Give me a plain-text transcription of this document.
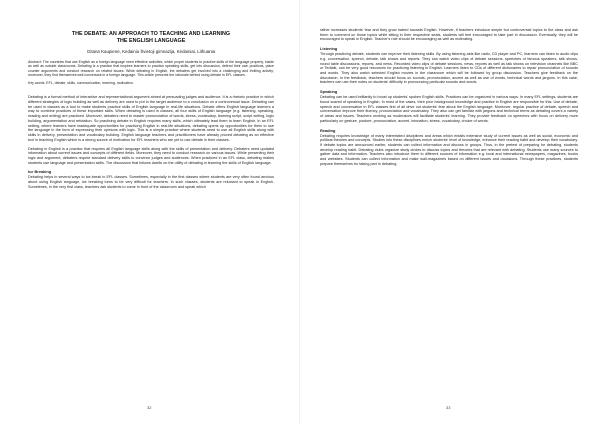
THE DEBATE: AN APPROACH TO TEACHING AND LEARNING
THE ENGLISH LANGUAGE
Gitana Kaupienė, Kedainiu Švietoji gimnazija, Kėdainiai, Lithuania
Abstract: The countries that use English as a foreign language need effective activities, which propel students to practice skills of the language properly, inside as well as outside classrooms. Debating is a practice that inspires learners to practice speaking skills, get into discussion, defend their own positions, place counter arguments and conduct research on related issues. While debating in English, the debaters get involved into a challenging and thrilling activity; moreover, they find themselves well conversant in a foreign language. This article presents the rationale behind using debate in EFL classes.
Key words: EFL, debate, skills, communication, learning, motivation.

Debating is a formal method of interactive and representational argument aimed at persuading judges and audience. It is a rhetoric practice in which different strategies of logic building as well as delivery are used to put in the target audience to a conclusion on a controversial issue. Debating can be used in classes as a tool to make students practice skills of English language in real-life situations. Debate offers English language learners a way to combine practices of these important skills. When debating is used in classes, all four skills of English language (e.g. listening, speaking, reading and writing) are practiced. Moreover, debaters need to master pronunciation of words, stress, vocabulary, learning script, script writing, logic building, argumentation and refutation. So practicing debate in English requires many skills, which ultimately lead them to learn English. In an EFL setting, where learners have inadequate opportunities for practicing English in real-life situations, debating opens up opportunities for them to use the language in the form of expressing their opinions with logic. This is a simple practice where students need to use all English skills along with skills in delivery, presentation and vocabulary building. English language teachers and practitioners have already proved debating as an effective tool in teaching English which is a strong source of motivation for EFL teachers who are yet to use debate in their classes.

Debating in English is a practice that requires all English language skills along with the skills of presentation and delivery. Debaters need updated information about current issues and concepts of different fields. Moreover, they need to conduct research on various issues. While presenting their logic and argument, debaters require standard delivery skills to convince judges and audiences. When practiced in an EFL class, debating makes students use language and presentation skills. The discussion that follows dwells on the utility of debating in learning the skills of English language.

Ice Breaking

Debating helps in several ways to ice-break in EFL classes. Sometimes, especially in the first classes where students are very often found anxious about using English language, ice breaking turns to be very difficult for teachers. In such classes, students are reluctant to speak in English. Sometimes, in the very first class, teachers ask students to come in front of the classroom and speak which

32

rather increases students' fear and they grow hatred towards English. However, if teachers introduce simple but controversial topics to the class and ask them to comment on those topics while sitting in their respective seats, students will feel encouraged to take part in discussion. Eventually, they will be encouraged to speak in English. Teacher's role should be encouraging as well as motivating.

Listening

Through practicing debate, students can improve their listening skills. By using listening aids like radio, CD player and PC, learners can listen to audio clips e.g. conversation, speech, debate, talk shows and reports. They can watch video clips of debate sessions, speeches of famous speakers, talk shows, round table discussions, reports, and news. Recorded video clips of debate sessions, news, reports as well as talk shows on television channels like BBC or Tedtalk, can be very good resources for practicing listening in English. Learners listen to CDs of different dictionaries to repair pronunciation of sounds and words. They also watch selected English movies in the classroom which will be followed by group discussion. Teachers give feedback on the discussion. In the feedback, teachers should focus on sounds, pronunciation, accent as well as use of words, technical words and jargons. In this case, teachers can use their notes on students' difficulty in pronouncing particular sounds and words.

Speaking

Debating can be used brilliantly to boost up students' spoken English skills. Practices can be organized in various ways. In many EFL settings, students are found scared of speaking in English. In most of the cases, their poor background knowledge and practice in English are responsible for this. Use of debate, speech and conversation in EFL classes first of all drive out students' fear about the English language. Moreover, regular practice of debate, speech and conversation improve their fluency, pronunciation and vocabulary. They also can get familiar with jargons and technical terms as debating covers a variety of areas and issues. Teachers working as moderators will facilitate students' learning. They provide feedback on speeches with focus on delivery more particularly on gesture, posture, pronunciation, accent, intonation, stress, vocabulary, choice of words.

Reading

Debating requires knowledge of many interrelated disciplines and areas which entails extensive study of current issues as well as social, economic and political theories and concepts. Studies into these disciplines enrich students' level of knowledge, enhance their reading habit and develop their vocabulary. If debate topics are announced earlier, students can collect information and discuss in groups. Thus, in the pretext of preparing for debating, students develop reading habit. Debating clubs organize study circles to discuss topics and theories that are relevant with debating. Students use many sources to gather data and information. Teachers also introduce them to different sources of information e.g. local and international newspapers, magazines, books and websites. Students can collect information and make wall-magazines based on different issues and occasions. Through these practices, students prepare themselves for taking part in debating.

33
